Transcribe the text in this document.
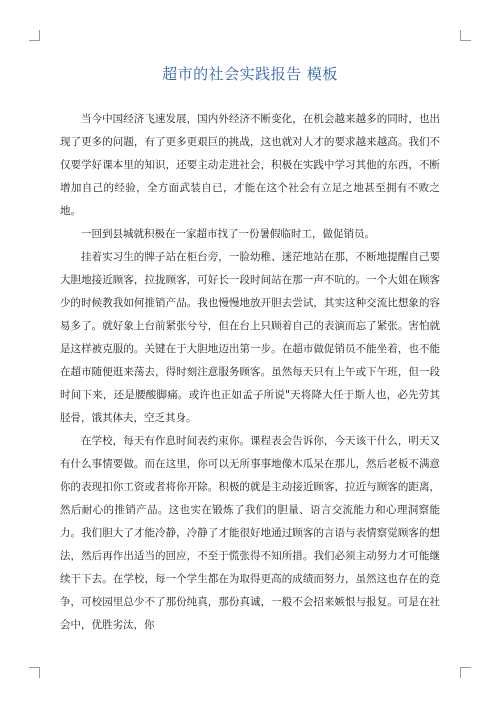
超市的社会实践报告 模板

当今中国经济飞速发展，国内外经济不断变化，在机会越来越多的同时，也出现了更多的问题，有了更多更艰巨的挑战，这也就对人才的要求越来越高。我们不仅要学好课本里的知识，还要主动走进社会，积极在实践中学习其他的东西，不断增加自己的经验，全方面武装自已，才能在这个社会有立足之地甚至拥有不败之地。

一回到县城就积极在一家超市找了一份暑假临时工，做促销员。

挂着实习生的牌子站在柜台旁，一脸幼稚、迷茫地站在那，不断地提醒自己要大胆地接近顾客，拉拢顾客，可好长一段时间站在那一声不吭的。一个大姐在顾客少的时候教我如何推销产品。我也慢慢地放开胆去尝试，其实这种交流比想象的容易多了。就好象上台前紧张兮兮，但在台上只顾着自己的表演而忘了紧张。害怕就是这样被克服的。关键在于大胆地迈出第一步。在超市做促销员不能坐着，也不能在超市随便逛来荡去，得时刻注意服务顾客。虽然每天只有上午或下午班，但一段时间下来，还是腰酸脚痛。或许也正如孟子所说"天将降大任于斯人也，必先劳其胫骨，饿其体夫，空乏其身。

在学校，每天有作息时间表约束你。课程表会告诉你，今天该干什么，明天又有什么事情要做。而在这里，你可以无所事事地像木瓜呆在那儿，然后老板不满意你的表现扣你工资或者将你开除。积极的就是主动接近顾客，拉近与顾客的距离，然后耐心的推销产品。这也实在锻炼了我们的胆量、语言交流能力和心理洞察能力。我们胆大了才能冷静，冷静了才能很好地通过顾客的言语与表情察觉顾客的想法，然后再作出适当的回应，不至于慌张得不知所措。我们必须主动努力才可能继续干下去。在学校，每一个学生都在为取得更高的成绩而努力，虽然这也存在的竞争，可校园里总少不了那份纯真，那份真诚，一般不会招来嫉恨与报复。可是在社会中，优胜劣汰，你
